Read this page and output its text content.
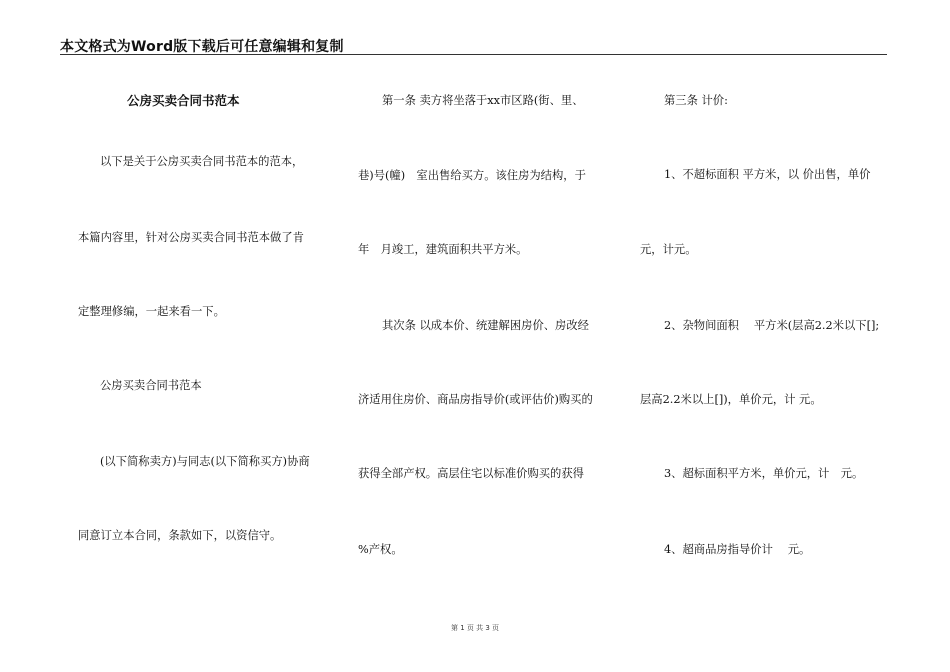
本文格式为Word版下载后可任意编辑和复制
公房买卖合同书范本
以下是关于公房买卖合同书范本的范本，
本篇内容里，针对公房买卖合同书范本做了肯
定整理修编，一起来看一下。
公房买卖合同书范本
(以下简称卖方)与同志(以下简称买方)协商
同意订立本合同，条款如下，以资信守。
第一条 卖方将坐落于xx市区路(街、里、
巷)号(幢)　室出售给买方。该住房为结构，于
年　月竣工，建筑面积共平方米。
其次条 以成本价、统建解困房价、房改经
济适用住房价、商品房指导价(或评估价)购买的
获得全部产权。高层住宅以标准价购买的获得
%产权。
第三条 计价:
1、不超标面积 平方米，以 价出售，单价
元，计元。
2、杂物间面积　 平方米(层高2.2米以下[];
层高2.2米以上[])，单价元，计 元。
3、超标面积平方米，单价元，计　元。
4、超商品房指导价计　 元。
第 1 页 共 3 页
